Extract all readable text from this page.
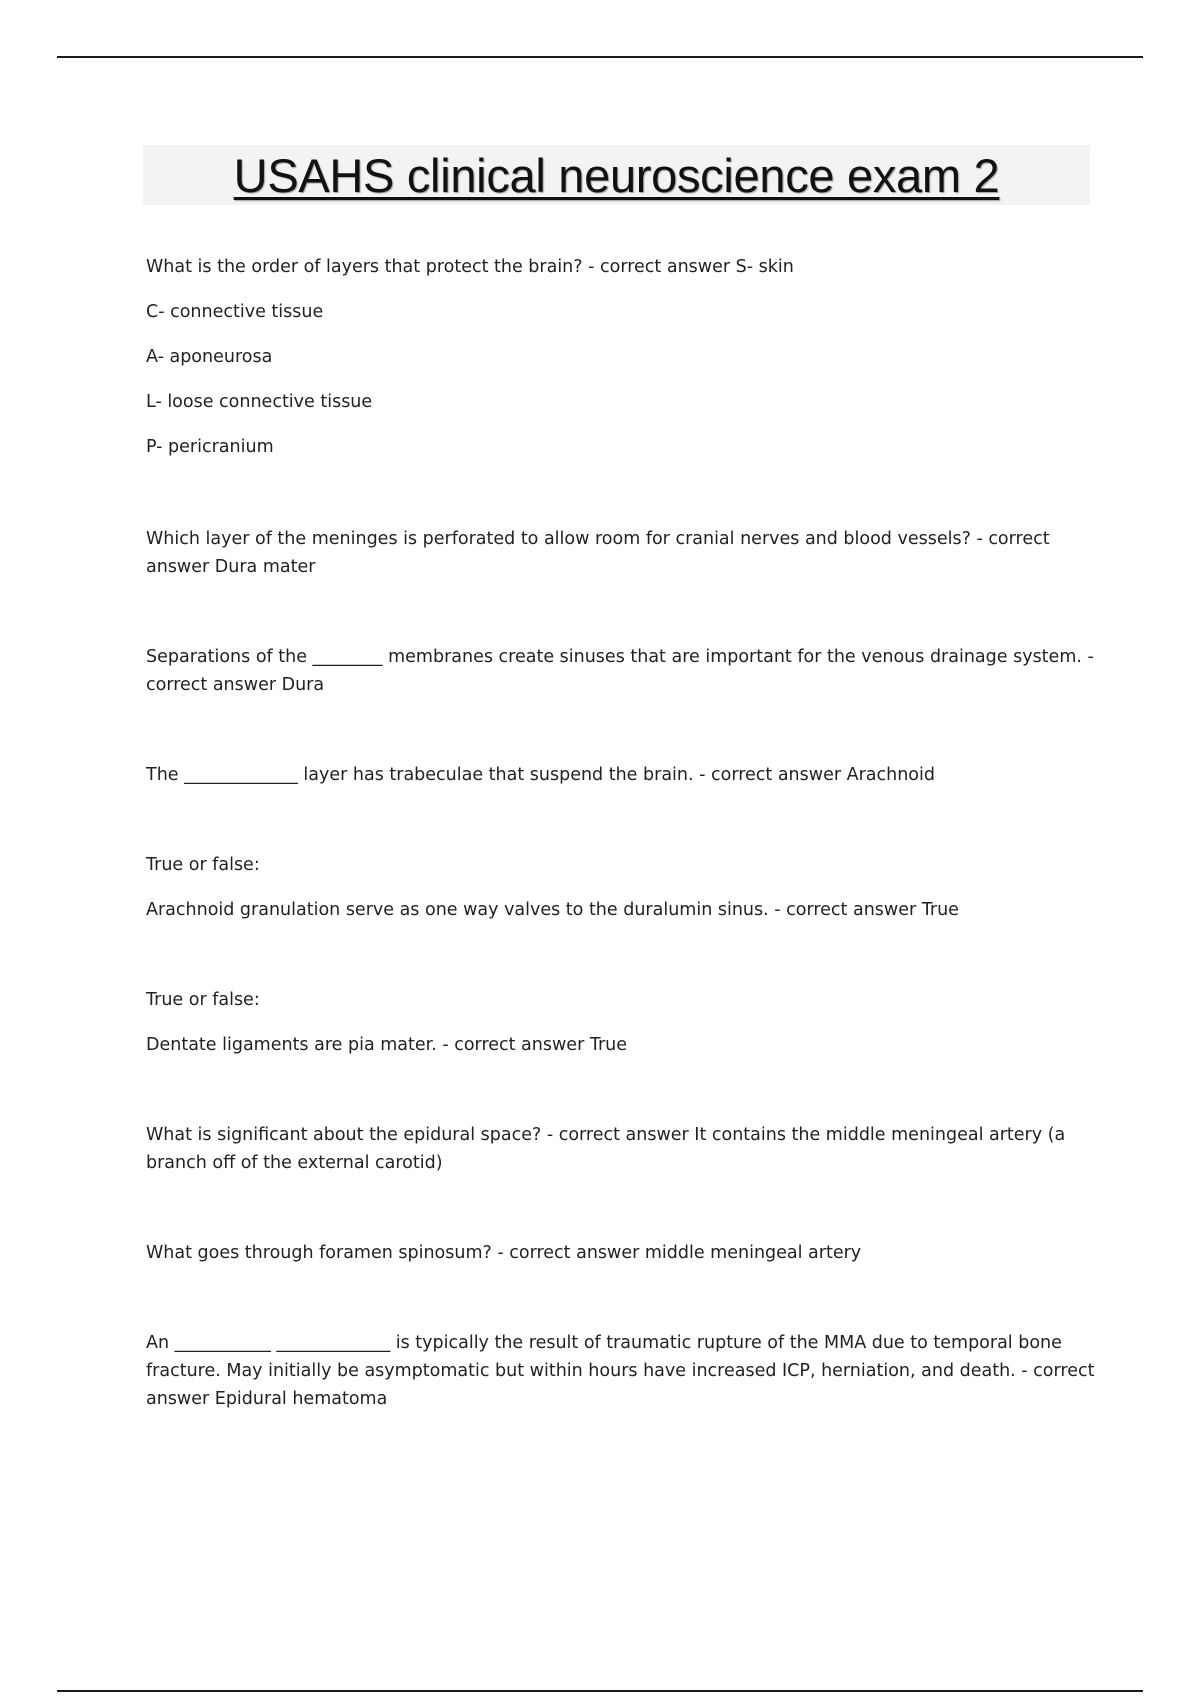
USAHS clinical neuroscience exam 2

What is the order of layers that protect the brain? - correct answer S- skin

C- connective tissue

A- aponeurosa

L- loose connective tissue

P- pericranium

Which layer of the meninges is perforated to allow room for cranial nerves and blood vessels? - correct answer Dura mater

Separations of the ________ membranes create sinuses that are important for the venous drainage system. - correct answer Dura

The _____________ layer has trabeculae that suspend the brain. - correct answer Arachnoid

True or false:

Arachnoid granulation serve as one way valves to the duralumin sinus. - correct answer True

True or false:

Dentate ligaments are pia mater. - correct answer True

What is significant about the epidural space? - correct answer It contains the middle meningeal artery (a branch off of the external carotid)

What goes through foramen spinosum? - correct answer middle meningeal artery

An ___________ _____________ is typically the result of traumatic rupture of the MMA due to temporal bone fracture. May initially be asymptomatic but within hours have increased ICP, herniation, and death. - correct answer Epidural hematoma
